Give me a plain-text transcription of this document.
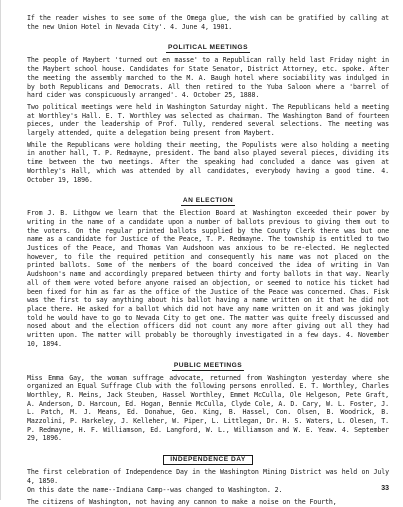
If the reader wishes to see some of the Omega glue, the wish can be gratified by calling at the new Union Hotel in Nevada City'. 4. June 4, 1901.

POLITICAL MEETINGS

The people of Maybert 'turned out en masse' to a Republican rally held last Friday night in the Maybert school house. Candidates for State Senator, District Attorney, etc. spoke. After the meeting the assembly marched to the M. A. Baugh hotel where sociability was indulged in by both Republicans and Democrats. All then retired to the Yuba Saloon where a 'barrel of hard cider was conspicuously arranged'. 4. October 25, 1888.

Two political meetings were held in Washington Saturday night. The Republicans held a meeting at Worthley's Hall. E. T. Worthley was selected as chairman. The Washington Band of fourteen pieces, under the leadership of Prof. Tully, rendered several selections. The meeting was largely attended, quite a delegation being present from Maybert.

While the Republicans were holding their meeting, the Populists were also holding a meeting in another hall, T. P. Redmayne, president. The band also played several pieces, dividing its time between the two meetings. After the speaking had concluded a dance was given at Worthley's Hall, which was attended by all candidates, everybody having a good time. 4. October 19, 1896.

AN ELECTION

From J. B. Lithgow we learn that the Election Board at Washington exceeded their power by writing in the name of a candidate upon a number of ballots previous to giving them out to the voters. On the regular printed ballots supplied by the County Clerk there was but one name as a candidate for Justice of the Peace, T. P. Redmayne. The township is entitled to two Justices of the Peace, and Thomas Van Audshoon was anxious to be re-elected. He neglected however, to file the required petition and consequently his name was not placed on the printed ballots. Some of the members of the board conceived the idea of writing in Van Audshoon's name and accordingly prepared between thirty and forty ballots in that way. Nearly all of them were voted before anyone raised an objection, or seemed to notice his ticket had been fixed for him as far as the office of the Justice of the Peace was concerned. Chas. Fisk was the first to say anything about his ballot having a name written on it that he did not place there. He asked for a ballot which did not have any name written on it and was jokingly told he would have to go to Nevada City to get one. The matter was quite freely discussed and nosed about and the election officers did not count any more after giving out all they had written upon. The matter will probably be thoroughly investigated in a few days. 4. November 10, 1894.

PUBLIC MEETINGS

Miss Emma Gay, the woman suffrage advocate, returned from Washington yesterday where she organized an Equal Suffrage Club with the following persons enrolled. E. T. Worthley, Charles Worthley, R. Meins, Jack Steuben, Hassel Worthley, Emmet McCulla, Ole Helgeson, Pete Graft, A. Anderson, D. Harcoun, Ed. Hogan, Bennie McCulla, Clyde Cole, A. D. Cary, W. L. Foster, J. L. Patch, M. J. Means, Ed. Donahue, Geo. King, B. Hassel, Con. Olsen, B. Woodrick, B. Mazzolini, P. Harkeley, J. Kelleher, W. Piper, L. Littlegan, Dr. H. S. Waters, L. Olesen, T. P. Redmayne, H. F. Williamson, Ed. Langford, W. L., Williamson and W. E. Yeaw. 4. September 29, 1896.

INDEPENDENCE DAY

The first celebration of Independence Day in the Washington Mining District was held on July 4, 1850.

On this date the name--Indiana Camp--was changed to Washington. 2.

The citizens of Washington, not having any cannon to make a noise on the Fourth,

33
